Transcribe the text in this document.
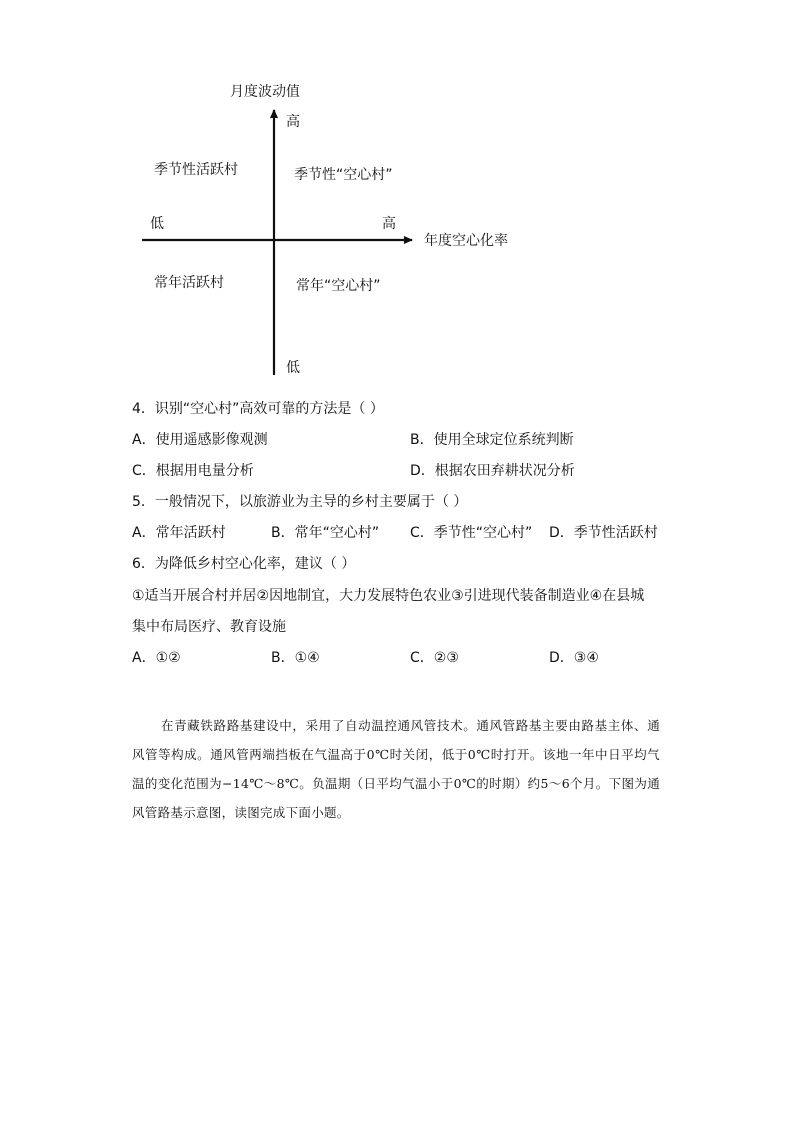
月度波动值
高
低
低	高
年度空心化率
季节性活跃村	季节性“空心村”
常年活跃村	常年“空心村”
4．识别“空心村”高效可靠的方法是（ ）
A．使用遥感影像观测	B．使用全球定位系统判断
C．根据用电量分析	D．根据农田弃耕状况分析
5．一般情况下，以旅游业为主导的乡村主要属于（ ）
A．常年活跃村	B．常年“空心村” C．季节性“空心村” D．季节性活跃村
6．为降低乡村空心化率，建议（ ）
①适当开展合村并居②因地制宜，大力发展特色农业③引进现代装备制造业④在县城
集中布局医疗、教育设施
A．①②	B．①④	C．②③	D．③④
在青藏铁路路基建设中，采用了自动温控通风管技术。通风管路基主要由路基主体、通风管等构成。通风管两端挡板在气温高于0℃时关闭，低于0℃时打开。该地一年中日平均气温的变化范围为−14℃～8℃。负温期（日平均气温小于0℃的时期）约5～6个月。下图为通风管路基示意图，读图完成下面小题。
